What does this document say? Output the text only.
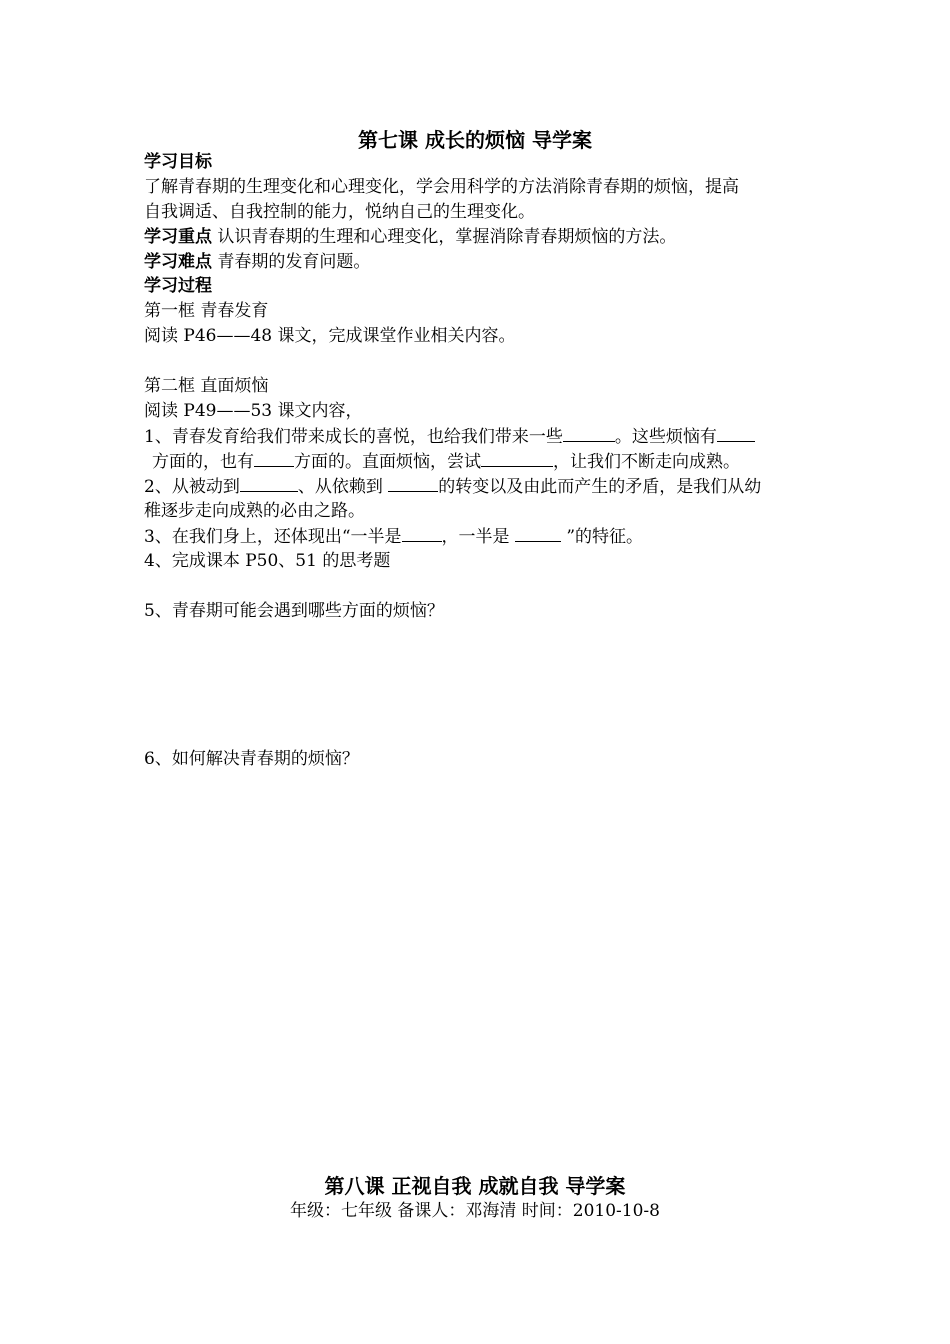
第七课 成长的烦恼 导学案
学习目标
了解青春期的生理变化和心理变化，学会用科学的方法消除青春期的烦恼，提高
自我调适、自我控制的能力，悦纳自己的生理变化。
学习重点 认识青春期的生理和心理变化，掌握消除青春期烦恼的方法。
学习难点 青春期的发育问题。
学习过程
第一框 青春发育
阅读 P46——48 课文，完成课堂作业相关内容。
第二框 直面烦恼
阅读 P49——53 课文内容，
1、青春发育给我们带来成长的喜悦，也给我们带来一些	。这些烦恼有
方面的，也有 方面的。直面烦恼，尝试	，让我们不断走向成熟。
2、从被动到	、从依赖到	的转变以及由此而产生的矛盾，是我们从幼
稚逐步走向成熟的必由之路。
3、在我们身上，还体现出“一半是 ，一半是	”的特征。
4、完成课本 P50、51 的思考题
5、青春期可能会遇到哪些方面的烦恼？
6、如何解决青春期的烦恼？
第八课 正视自我 成就自我 导学案
年级：七年级 备课人：邓海清 时间：2010-10-8
